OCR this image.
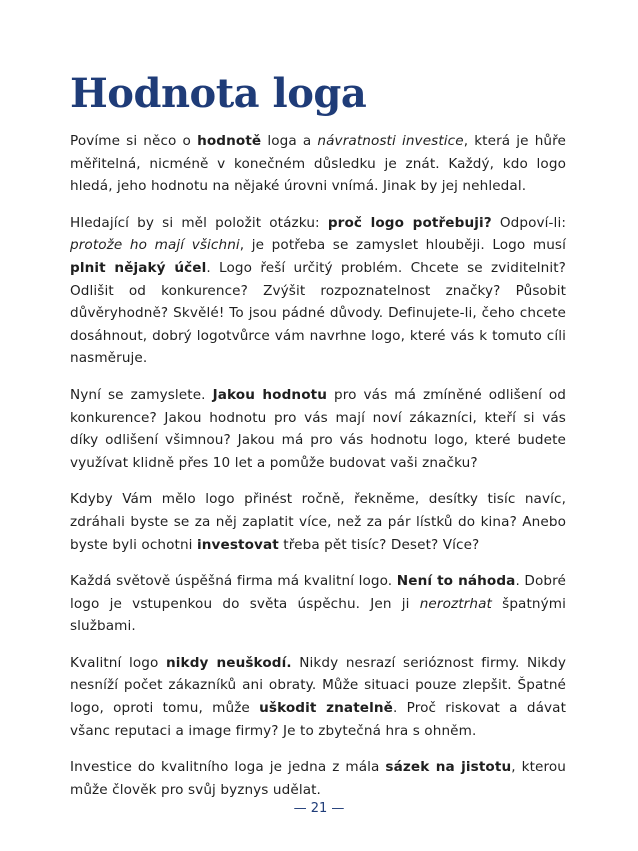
Hodnota loga

Povíme si něco o hodnotě loga a návratnosti investice, která je hůře měřitelná, nicméně v konečném důsledku je znát. Každý, kdo logo hledá, jeho hodnotu na nějaké úrovni vnímá. Jinak by jej nehledal.

Hledající by si měl položit otázku: proč logo potřebuji? Odpoví-li: protože ho mají všichni, je potřeba se zamyslet hlouběji. Logo musí plnit nějaký účel. Logo řeší určitý problém. Chcete se zviditelnit? Odlišit od konkurence? Zvýšit rozpoznatelnost značky? Působit důvěryhodně? Skvělé! To jsou pádné důvody. Definujete-li, čeho chcete dosáhnout, dobrý logotvůrce vám navrhne logo, které vás k tomuto cíli nasměruje.

Nyní se zamyslete. Jakou hodnotu pro vás má zmíněné odlišení od konkurence? Jakou hodnotu pro vás mají noví zákazníci, kteří si vás díky odlišení všimnou? Jakou má pro vás hodnotu logo, které budete využívat klidně přes 10 let a pomůže budovat vaši značku?

Kdyby Vám mělo logo přinést ročně, řekněme, desítky tisíc navíc, zdráhali byste se za něj zaplatit více, než za pár lístků do kina? Anebo byste byli ochotni investovat třeba pět tisíc? Deset? Více?

Každá světově úspěšná firma má kvalitní logo. Není to náhoda. Dobré logo je vstupenkou do světa úspěchu. Jen ji neroztrhat špatnými službami.

Kvalitní logo nikdy neuškodí. Nikdy nesrazí serióznost firmy. Nikdy nesníží počet zákazníků ani obraty. Může situaci pouze zlepšit. Špatné logo, oproti tomu, může uškodit znatelně. Proč riskovat a dávat všanc reputaci a image firmy? Je to zbytečná hra s ohněm.

Investice do kvalitního loga je jedna z mála sázek na jistotu, kterou může člověk pro svůj byznys udělat.

— 21 —
